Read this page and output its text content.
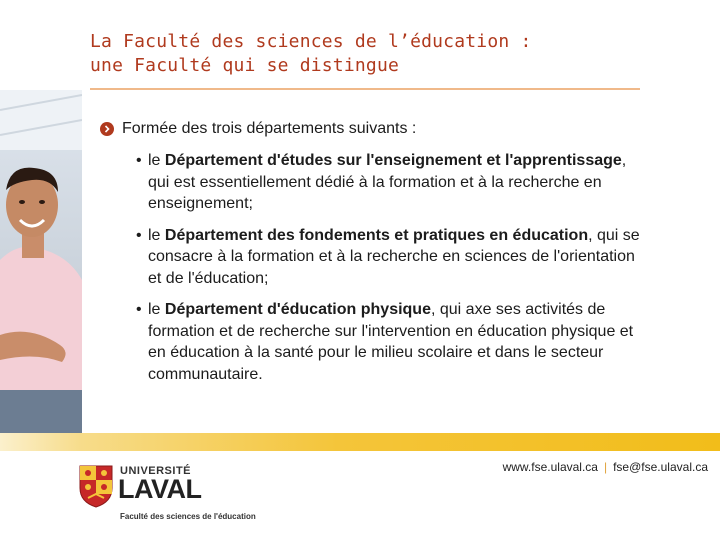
La Faculté des sciences de l’éducation :
une Faculté qui se distingue
Formée des trois départements suivants :
• le Département d'études sur l'enseignement et l'apprentissage, qui est essentiellement dédié à la formation et à la recherche en enseignement;
• le Département des fondements et pratiques en éducation, qui se consacre à la formation et à la recherche en sciences de l'orientation et de l'éducation;
• le Département d'éducation physique, qui axe ses activités de formation et de recherche sur l'intervention en éducation physique et en éducation à la santé pour le milieu scolaire et dans le secteur communautaire.
UNIVERSITÉ
LAVAL
Faculté des sciences de l'éducation
www.fse.ulaval.ca | fse@fse.ulaval.ca
